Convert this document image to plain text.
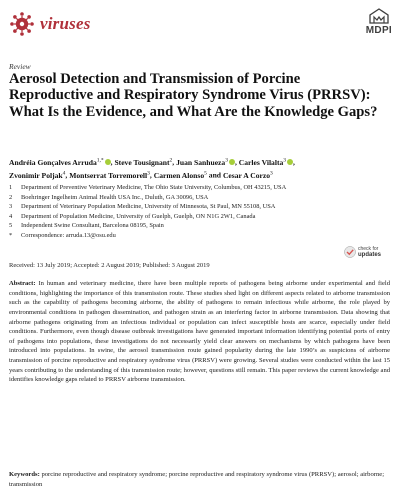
viruses	MDPI
Review
Aerosol Detection and Transmission of Porcine Reproductive and Respiratory Syndrome Virus (PRRSV): What Is the Evidence, and What Are the Knowledge Gaps?
Andréia Gonçalves Arruda$^{1,*}$ , Steve Tousignant$^2$, Juan Sanhueza$^3$ , Carles Vilalta$^3$ ,
Zvonimir Poljak$^4$, Montserrat Torremorell$^3$, Carmen Alonso$^5$ and Cesar A Corzo$^3$
1	Department of Preventive Veterinary Medicine, The Ohio State University, Columbus, OH 43215, USA
2	Boehringer Ingelheim Animal Health USA Inc., Duluth, GA 30096, USA
3	Department of Veterinary Population Medicine, University of Minnesota, St Paul, MN 55108, USA
4	Department of Population Medicine, University of Guelph, Guelph, ON N1G 2W1, Canada
5	Independent Swine Consultant, Barcelona 08195, Spain
*	Correspondence: arruda.13@osu.edu
check for
updates
Received: 13 July 2019; Accepted: 2 August 2019; Published: 3 August 2019

Abstract: In human and veterinary medicine, there have been multiple reports of pathogens being airborne under experimental and field conditions, highlighting the importance of this transmission route. These studies shed light on different aspects related to airborne transmission such as the capability of pathogens becoming airborne, the ability of pathogens to remain infectious while airborne, the role played by environmental conditions in pathogen dissemination, and pathogen strain as an interfering factor in airborne transmission. Data showing that airborne pathogens originating from an infectious individual or population can infect susceptible hosts are scarce, especially under field conditions. Furthermore, even though disease outbreak investigations have generated important information identifying potential ports of entry of pathogens into populations, these investigations do not necessarily yield clear answers on mechanisms by which pathogens have been introduced into populations. In swine, the aerosol transmission route gained popularity during the late 1990’s as suspicions of airborne transmission of porcine reproductive and respiratory syndrome virus (PRRSV) were growing. Several studies were conducted within the last 15 years contributing to the understanding of this transmission route; however, questions still remain. This paper reviews the current knowledge and identifies knowledge gaps related to PRRSV airborne transmission.

Keywords: porcine reproductive and respiratory syndrome; porcine reproductive and respiratory syndrome virus (PRRSV); aerosol; airborne; transmission
